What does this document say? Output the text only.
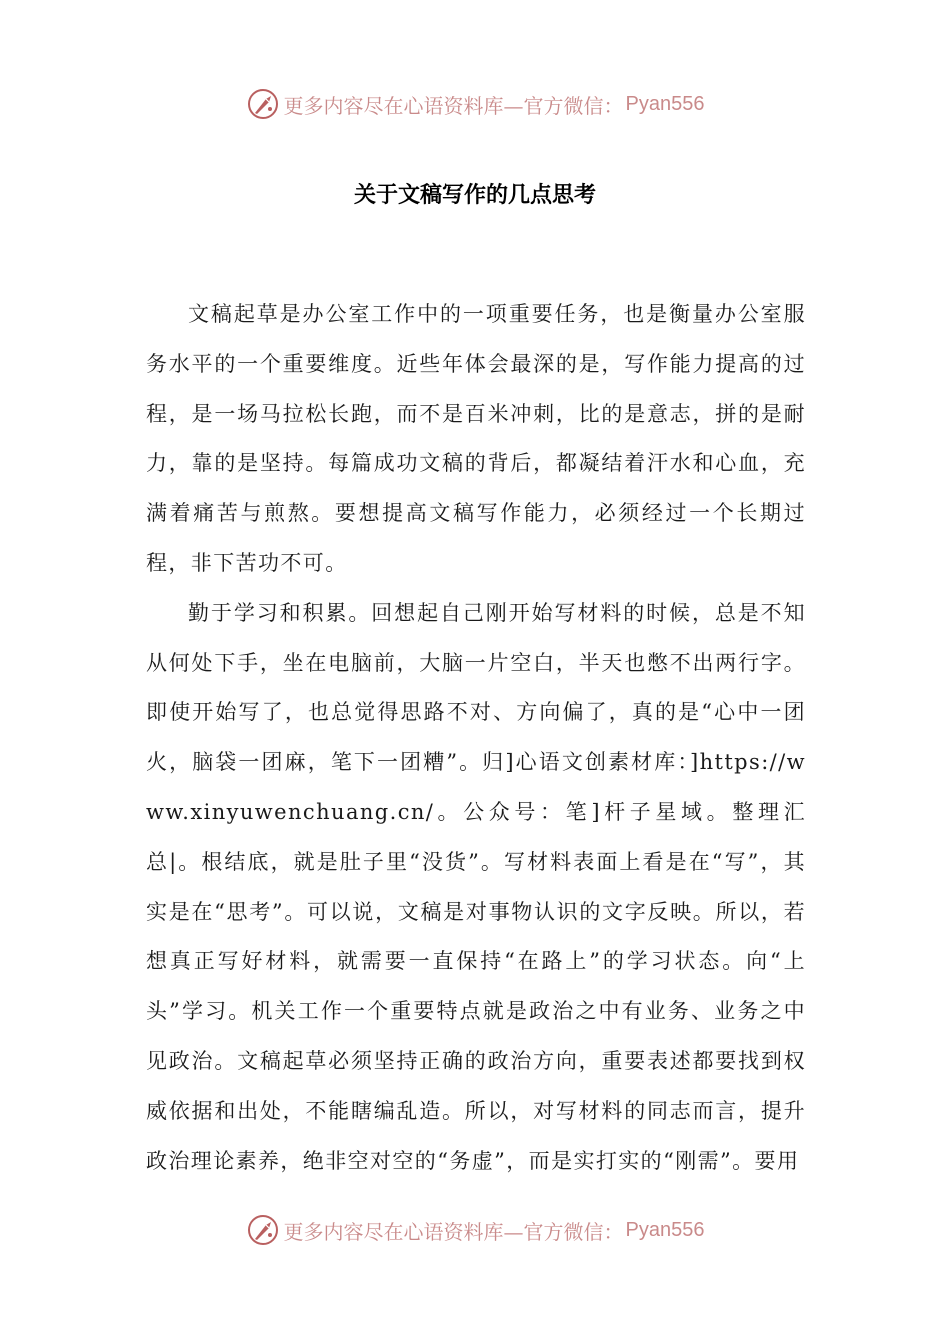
更多内容尽在心语资料库—官方微信： Pyan556
关于文稿写作的几点思考

文稿起草是办公室工作中的一项重要任务，也是衡量办公室服务水平的一个重要维度。近些年体会最深的是，写作能力提高的过程，是一场马拉松长跑，而不是百米冲刺，比的是意志，拼的是耐力，靠的是坚持。每篇成功文稿的背后，都凝结着汗水和心血，充满着痛苦与煎熬。要想提高文稿写作能力，必须经过一个长期过程，非下苦功不可。

勤于学习和积累。回想起自己刚开始写材料的时候，总是不知从何处下手，坐在电脑前，大脑一片空白，半天也憋不出两行字。即使开始写了，也总觉得思路不对、方向偏了，真的是“心中一团火，脑袋一团麻，笔下一团糟”。归]心语文创素材库：]https://www.xinyuwenchuang.cn/。公众号：笔]杆子星域。整理汇总|。根结底，就是肚子里“没货”。写材料表面上看是在“写”，其实是在“思考”。可以说，文稿是对事物认识的文字反映。所以，若想真正写好材料，就需要一直保持“在路上”的学习状态。向“上头”学习。机关工作一个重要特点就是政治之中有业务、业务之中见政治。文稿起草必须坚持正确的政治方向，重要表述都要找到权威依据和出处，不能瞎编乱造。所以，对写材料的同志而言，提升政治理论素养，绝非空对空的“务虚”，而是实打实的“刚需”。要用

更多内容尽在心语资料库—官方微信： Pyan556
